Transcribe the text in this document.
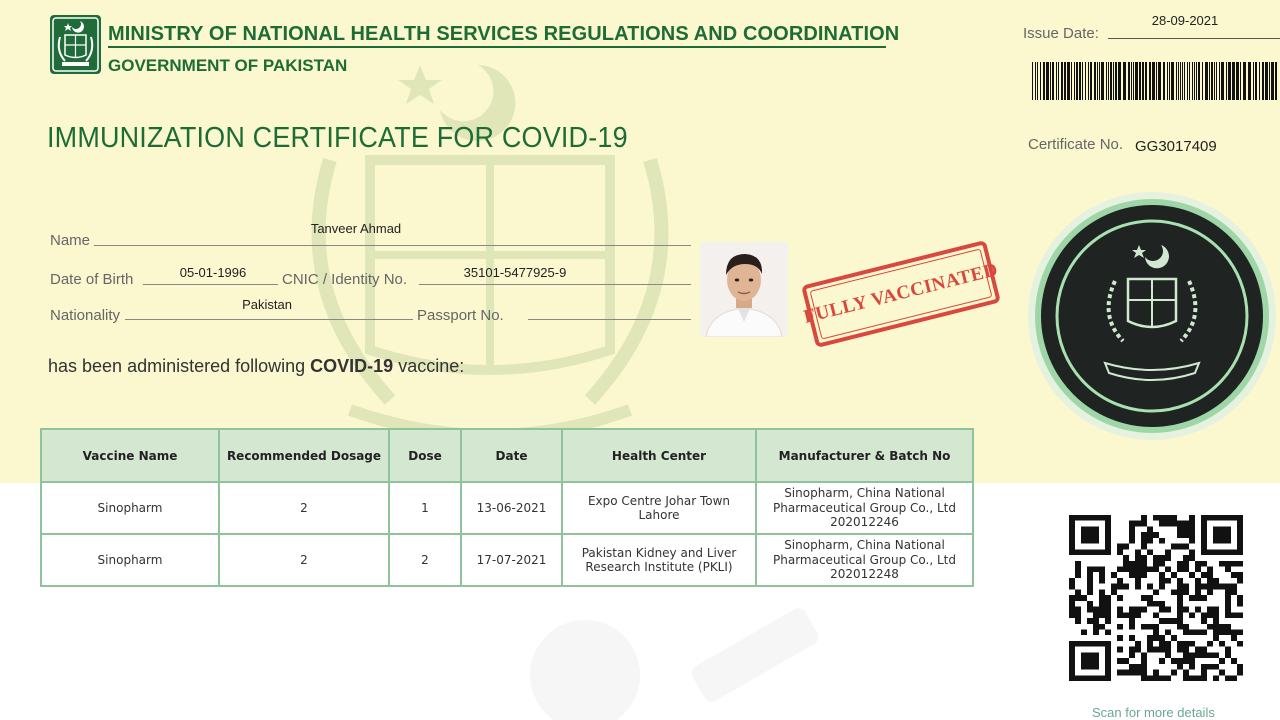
MINISTRY OF NATIONAL HEALTH SERVICES REGULATIONS AND COORDINATION
GOVERNMENT OF PAKISTAN
IMMUNIZATION CERTIFICATE FOR COVID-19
Issue Date:
28-09-2021
Certificate No. GG3017409
Name
Tanveer Ahmad
Date of Birth	05-01-1996	CNIC / Identity No.	35101-5477925-9
Nationality
Pakistan
Passport No.	FULLY VACCINATED
has been administered following COVID-19 vaccine:
Vaccine Name	Recommended Dosage	Dose	Date	Health Center	Manufacturer & Batch No
Sinopharm	2	1	13-06-2021	Expo Centre Johar Town Lahore	Sinopharm, China National Pharmaceutical Group Co., Ltd
202012246
Sinopharm	2	2	17-07-2021	Pakistan Kidney and Liver Research Institute (PKLI)	Sinopharm, China National Pharmaceutical Group Co., Ltd
202012248
Scan for more details
